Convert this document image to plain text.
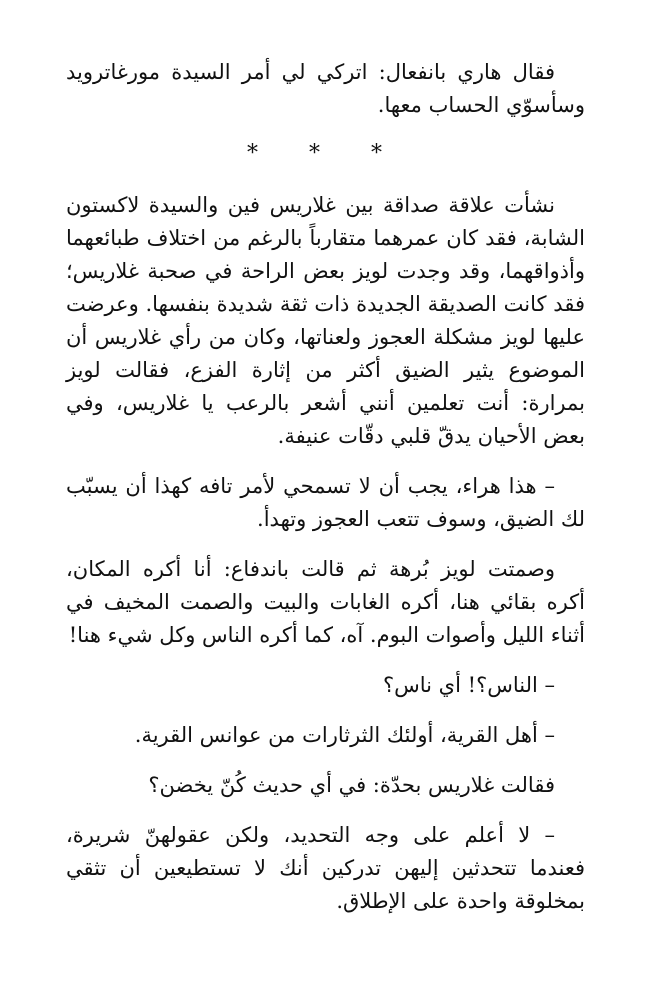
فقال هاري بانفعال: اتركي لي أمر السيدة مورغاترويد وسأسوّي الحساب معها.

* * *

نشأت علاقة صداقة بين غلاريس فين والسيدة لاكستون الشابة، فقد كان عمرهما متقارباً بالرغم من اختلاف طبائعهما وأذواقهما، وقد وجدت لويز بعض الراحة في صحبة غلاريس؛ فقد كانت الصديقة الجديدة ذات ثقة شديدة بنفسها. وعرضت عليها لويز مشكلة العجوز ولعناتها، وكان من رأي غلاريس أن الموضوع يثير الضيق أكثر من إثارة الفزع، فقالت لويز بمرارة: أنت تعلمين أنني أشعر بالرعب يا غلاريس، وفي بعض الأحيان يدقّ قلبي دقّات عنيفة.

– هذا هراء، يجب أن لا تسمحي لأمر تافه كهذا أن يسبّب لك الضيق، وسوف تتعب العجوز وتهدأ.

وصمتت لويز بُرهة ثم قالت باندفاع: أنا أكره المكان، أكره بقائي هنا، أكره الغابات والبيت والصمت المخيف في أثناء الليل وأصوات البوم. آه، كما أكره الناس وكل شيء هنا!

– الناس؟! أي ناس؟

– أهل القرية، أولئك الثرثارات من عوانس القرية.

فقالت غلاريس بحدّة: في أي حديث كُنّ يخضن؟

– لا أعلم على وجه التحديد، ولكن عقولهنّ شريرة، فعندما تتحدثين إليهن تدركين أنك لا تستطيعين أن تثقي بمخلوقة واحدة على الإطلاق.
